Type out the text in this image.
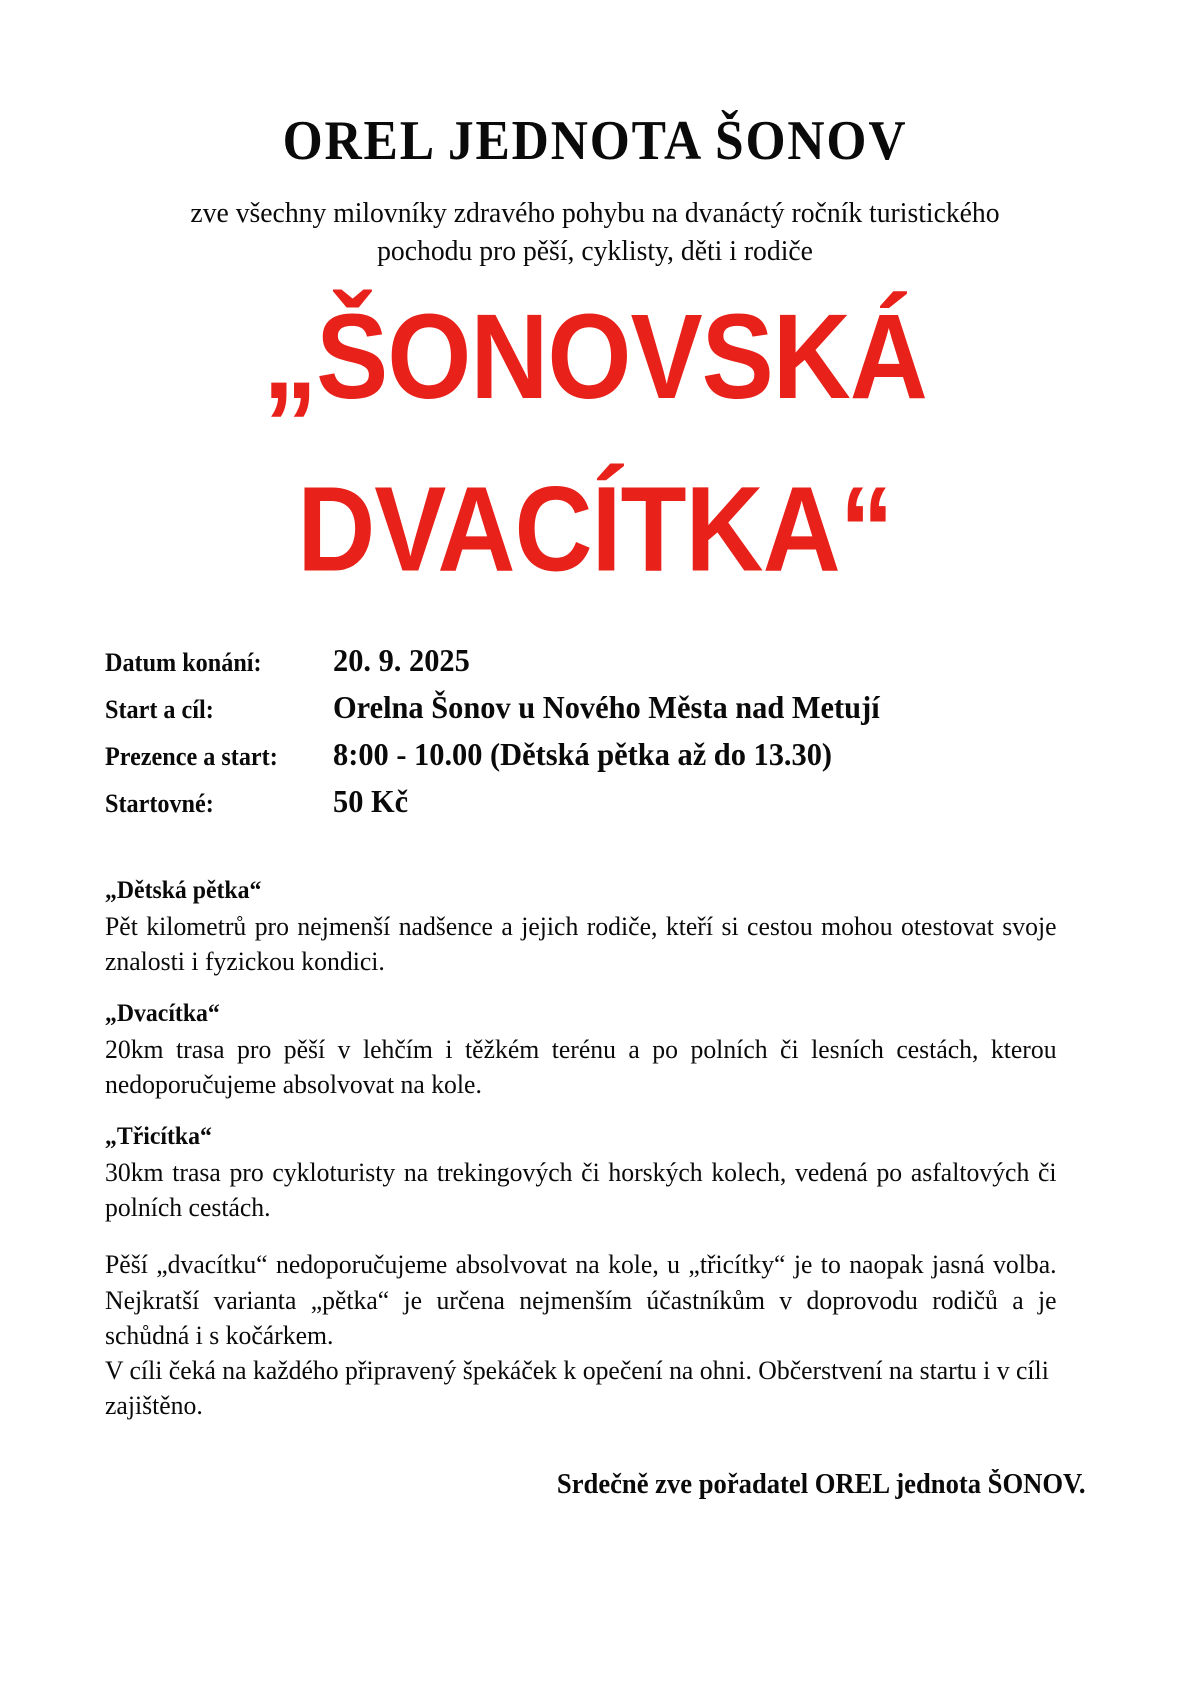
OREL JEDNOTA ŠONOV

zve všechny milovníky zdravého pohybu na dvanáctý ročník turistického
pochodu pro pěší, cyklisty, děti i rodiče

„ŠONOVSKÁ
DVACÍTKA“
Datum konání:	20. 9. 2025
Start a cíl:	Orelna Šonov u Nového Města nad Metují
Prezence a start:	8:00 - 10.00 (Dětská pětka až do 13.30)
Startovné:	50 Kč

„Dětská pětka“

Pět kilometrů pro nejmenší nadšence a jejich rodiče, kteří si cestou mohou otestovat svoje znalosti i fyzickou kondici.

„Dvacítka“

20km trasa pro pěší v lehčím i těžkém terénu a po polních či lesních cestách, kterou nedoporučujeme absolvovat na kole.

„Třicítka“

30km trasa pro cykloturisty na trekingových či horských kolech, vedená po asfaltových či polních cestách.

Pěší „dvacítku“ nedoporučujeme absolvovat na kole, u „třicítky“ je to naopak jasná volba. Nejkratší varianta „pětka“ je určena nejmenším účastníkům v doprovodu rodičů a je schůdná i s kočárkem.

V cíli čeká na každého připravený špekáček k opečení na ohni. Občerstvení na startu i v cíli zajištěno.

Srdečně zve pořadatel OREL jednota ŠONOV.
